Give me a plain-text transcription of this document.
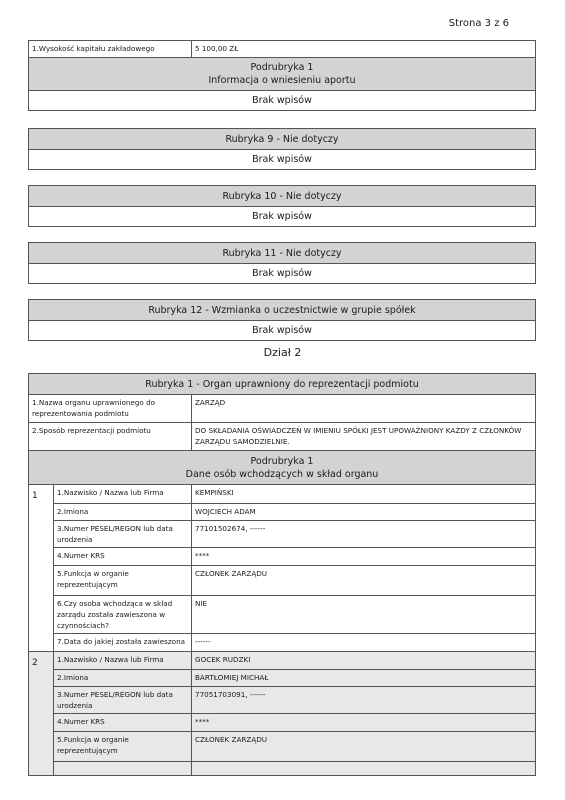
Strona 3 z 6
1.Wysokość kapitału zakładowego	5 100,00 ZŁ
Podrubryka 1
Informacja o wniesieniu aportu
Brak wpisów
Rubryka 9 - Nie dotyczy
Brak wpisów
Rubryka 10 - Nie dotyczy
Brak wpisów
Rubryka 11 - Nie dotyczy
Brak wpisów
Rubryka 12 - Wzmianka o uczestnictwie w grupie spółek
Brak wpisów
Dział 2
Rubryka 1 - Organ uprawniony do reprezentacji podmiotu		
1.Nazwa organu uprawnionego do reprezentowania podmiotu		ZARZĄD
2.Sposób reprezentacji podmiotu		DO SKŁADANIA OŚWIADCZEŃ W IMIENIU SPÓŁKI JEST UPOWAŻNIONY KAŻDY Z CZŁONKÓW ZARZĄDU SAMODZIELNIE.
Podrubryka 1
Dane osób wchodzących w skład organu		
1	1.Nazwisko / Nazwa lub Firma	KEMPIŃSKI
	2.Imiona	WOJCIECH ADAM
	3.Numer PESEL/REGON lub data urodzenia	77101502674, ------
	4.Numer KRS	****
	5.Funkcja w organie reprezentującym	CZŁONEK ZARZĄDU
	6.Czy osoba wchodząca w skład zarządu została zawieszona w czynnościach?	NIE
	7.Data do jakiej została zawieszona	------
2	1.Nazwisko / Nazwa lub Firma	GOCEK RUDZKI
	2.Imiona	BARTŁOMIEJ MICHAŁ
	3.Numer PESEL/REGON lub data urodzenia	77051703091, ------
	4.Numer KRS	****
	5.Funkcja w organie reprezentującym	CZŁONEK ZARZĄDU
